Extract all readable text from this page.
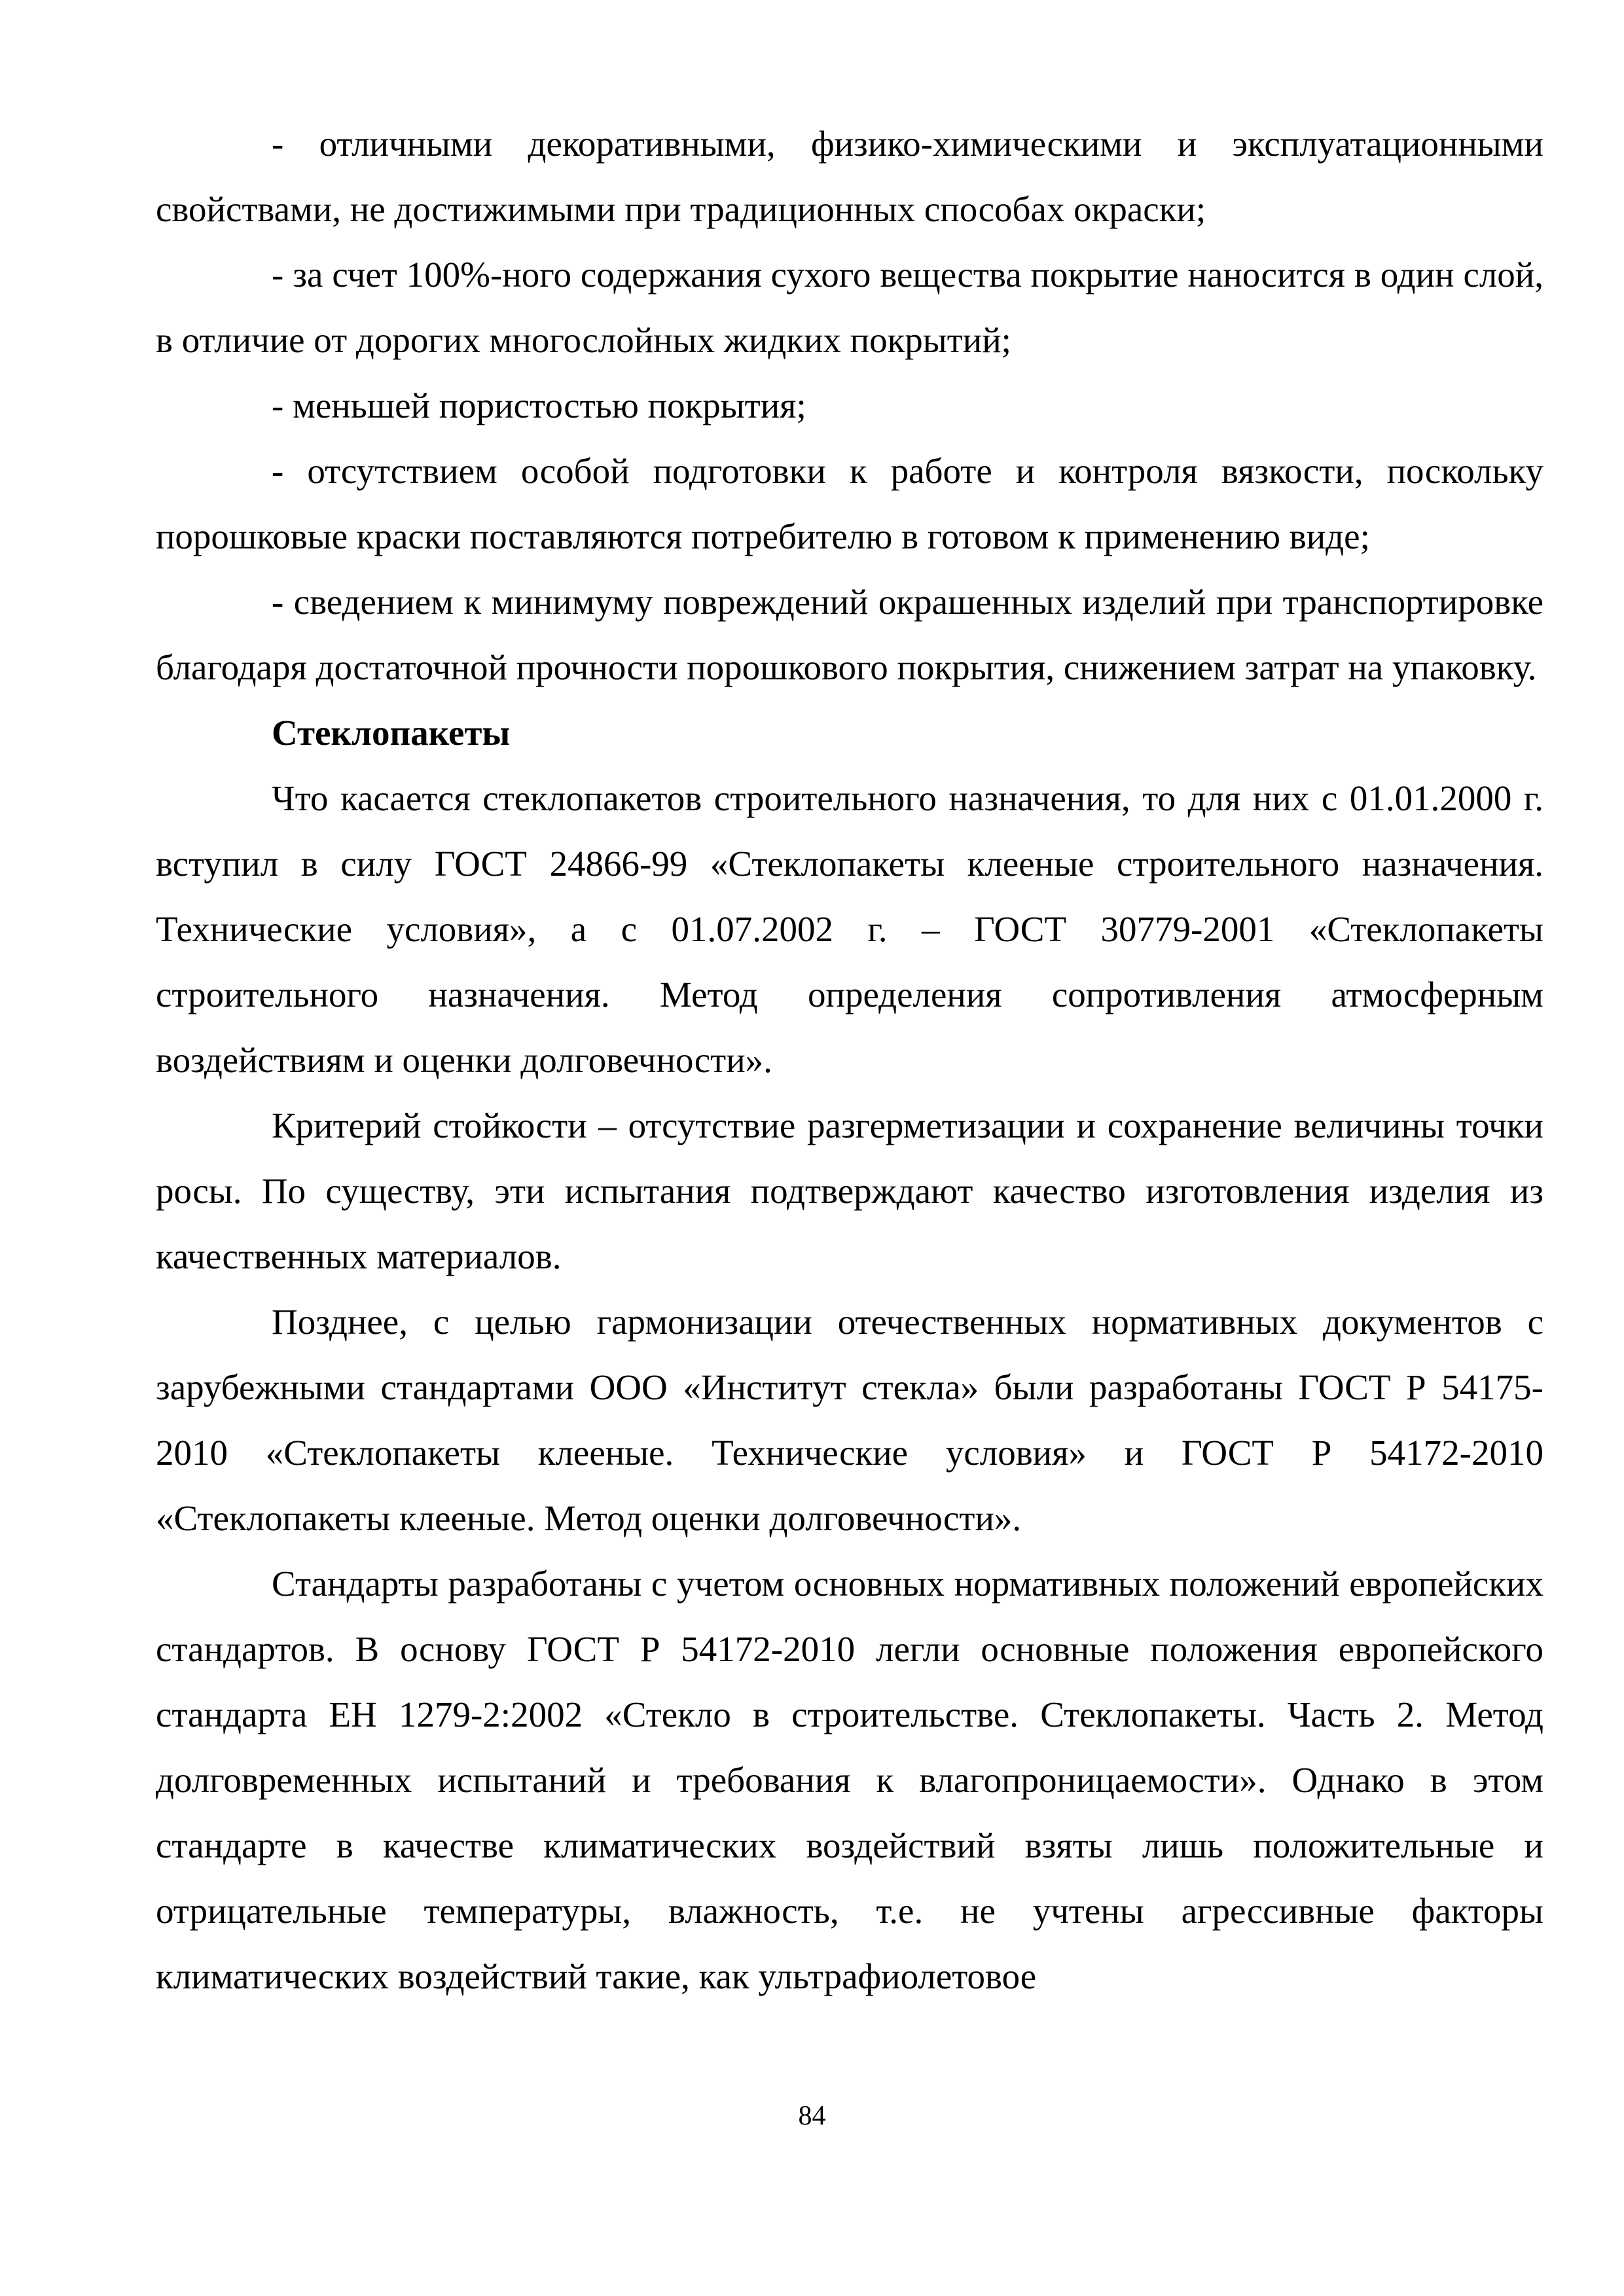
- отличными декоративными, физико-химическими и эксплуатационными свойствами, не достижимыми при традиционных способах окраски;

- за счет 100%-ного содержания сухого вещества покрытие наносится в один слой, в отличие от дорогих многослойных жидких покрытий;

- меньшей пористостью покрытия;

- отсутствием особой подготовки к работе и контроля вязкости, поскольку порошковые краски поставляются потребителю в готовом к применению виде;

- сведением к минимуму повреждений окрашенных изделий при транспортировке благодаря достаточной прочности порошкового покрытия, снижением затрат на упаковку.

Стеклопакеты

Что касается стеклопакетов строительного назначения, то для них с 01.01.2000 г. вступил в силу ГОСТ 24866-99 «Стеклопакеты клееные строительного назначения. Технические условия», а с 01.07.2002 г. – ГОСТ 30779-2001 «Стеклопакеты строительного назначения. Метод определения сопротивления атмосферным воздействиям и оценки долговечности».

Критерий стойкости – отсутствие разгерметизации и сохранение величины точки росы. По существу, эти испытания подтверждают качество изготовления изделия из качественных материалов.

Позднее, с целью гармонизации отечественных нормативных документов с зарубежными стандартами ООО «Институт стекла» были разработаны ГОСТ Р 54175-2010 «Стеклопакеты клееные. Технические условия» и ГОСТ Р 54172-2010 «Стеклопакеты клееные. Метод оценки долговечности».

Стандарты разработаны с учетом основных нормативных положений европейских стандартов. В основу ГОСТ Р 54172-2010 легли основные положения европейского стандарта ЕН 1279-2:2002 «Стекло в строительстве. Стеклопакеты. Часть 2. Метод долговременных испытаний и требования к влагопроницаемости». Однако в этом стандарте в качестве климатических воздействий взяты лишь положительные и отрицательные температуры, влажность, т.е. не учтены агрессивные факторы климатических воздействий такие, как ультрафиолетовое

84
